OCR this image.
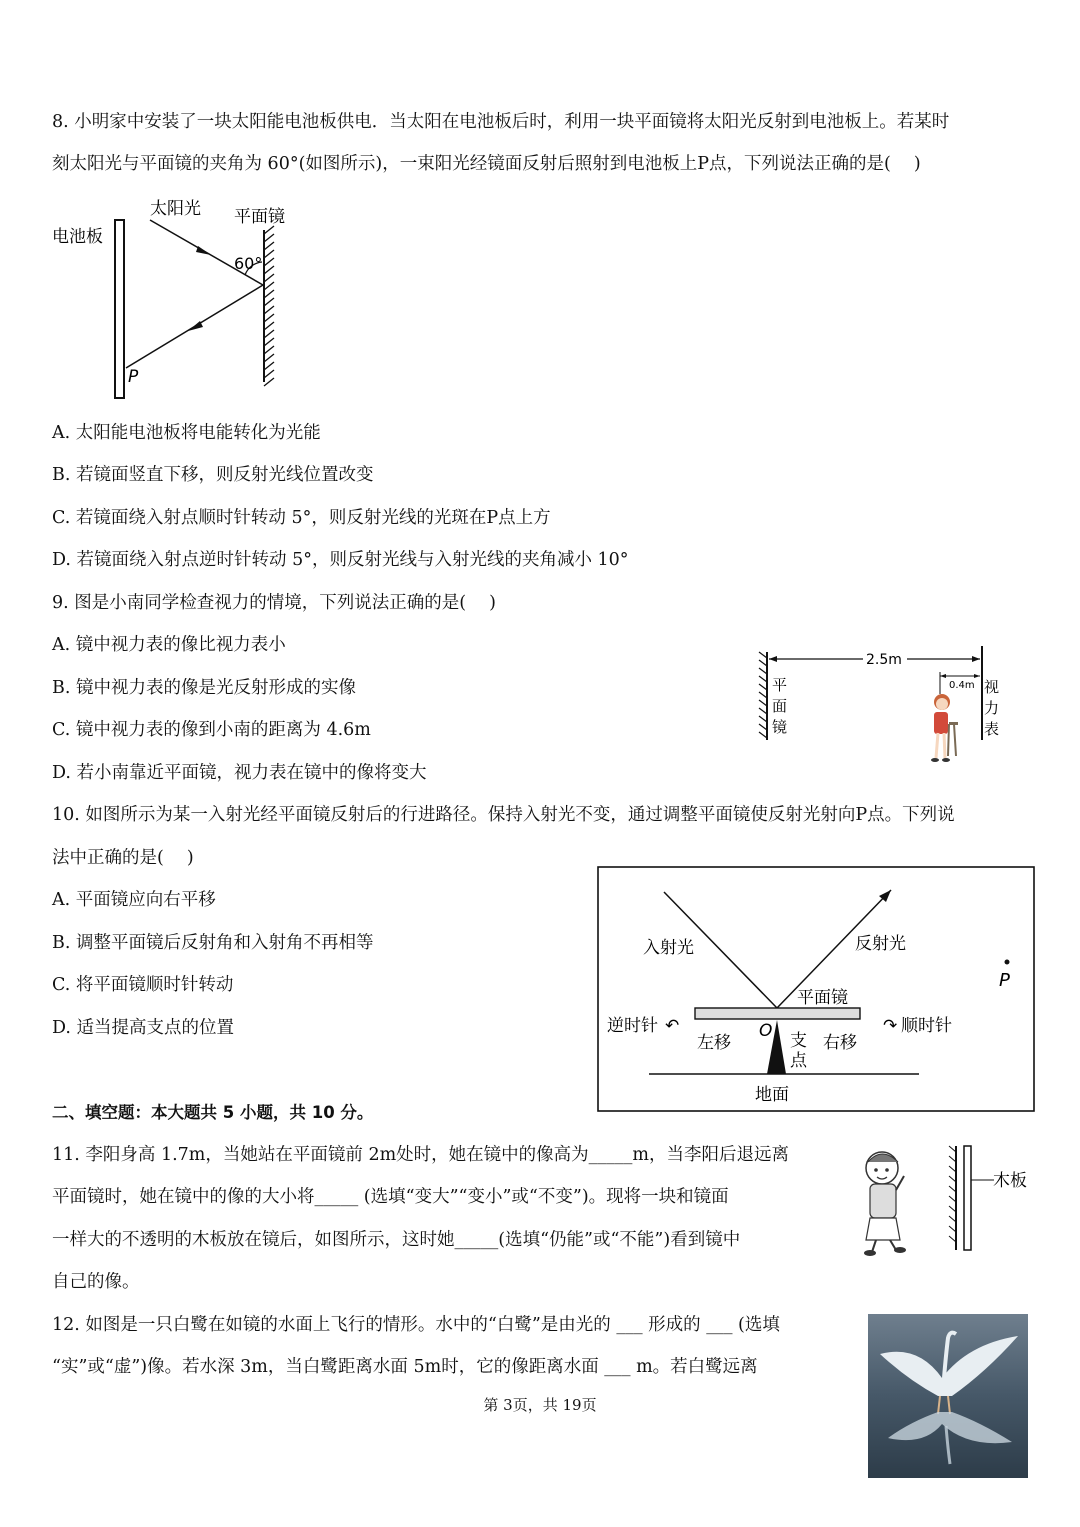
8. 小明家中安装了一块太阳能电池板供电．当太阳在电池板后时，利用一块平面镜将太阳光反射到电池板上。若某时
刻太阳光与平面镜的夹角为 60°(如图所示)，一束阳光经镜面反射后照射到电池板上P点，下列说法正确的是(　 )
电池板
太阳光 平面镜
60°
P
A. 太阳能电池板将电能转化为光能
B. 若镜面竖直下移，则反射光线位置改变
C. 若镜面绕入射点顺时针转动 5°，则反射光线的光斑在P点上方
D. 若镜面绕入射点逆时针转动 5°，则反射光线与入射光线的夹角减小 10°
9. 图是小南同学检查视力的情境，下列说法正确的是(　 )
A. 镜中视力表的像比视力表小
B. 镜中视力表的像是光反射形成的实像
C. 镜中视力表的像到小南的距离为 4.6m
D. 若小南靠近平面镜，视力表在镜中的像将变大
2.5m
0.4m
平
面
镜
视
力
表
10. 如图所示为某一入射光经平面镜反射后的行进路径。保持入射光不变，通过调整平面镜使反射光射向P点。下列说
法中正确的是(　 )
A. 平面镜应向右平移
B. 调整平面镜后反射角和入射角不再相等
C. 将平面镜顺时针转动
D. 适当提高支点的位置
入射光	反射光
平面镜
P
逆时针 ↶	↷ 顺时针
O
左移	右移
支
点
地面
二、填空题：本大题共 5 小题，共 10 分。
11. 李阳身高 1.7m，当她站在平面镜前 2m处时，她在镜中的像高为_____m，当李阳后退远离
平面镜时，她在镜中的像的大小将_____ (选填“变大”“变小”或“不变”)。现将一块和镜面
一样大的不透明的木板放在镜后，如图所示，这时她_____(选填“仍能”或“不能”)看到镜中
自己的像。
木板
12. 如图是一只白鹭在如镜的水面上飞行的情形。水中的“白鹭”是由光的 ___ 形成的 ___ (选填
“实”或“虚”)像。若水深 3m，当白鹭距离水面 5m时，它的像距离水面 ___ m。若白鹭远离
第 3页，共 19页
